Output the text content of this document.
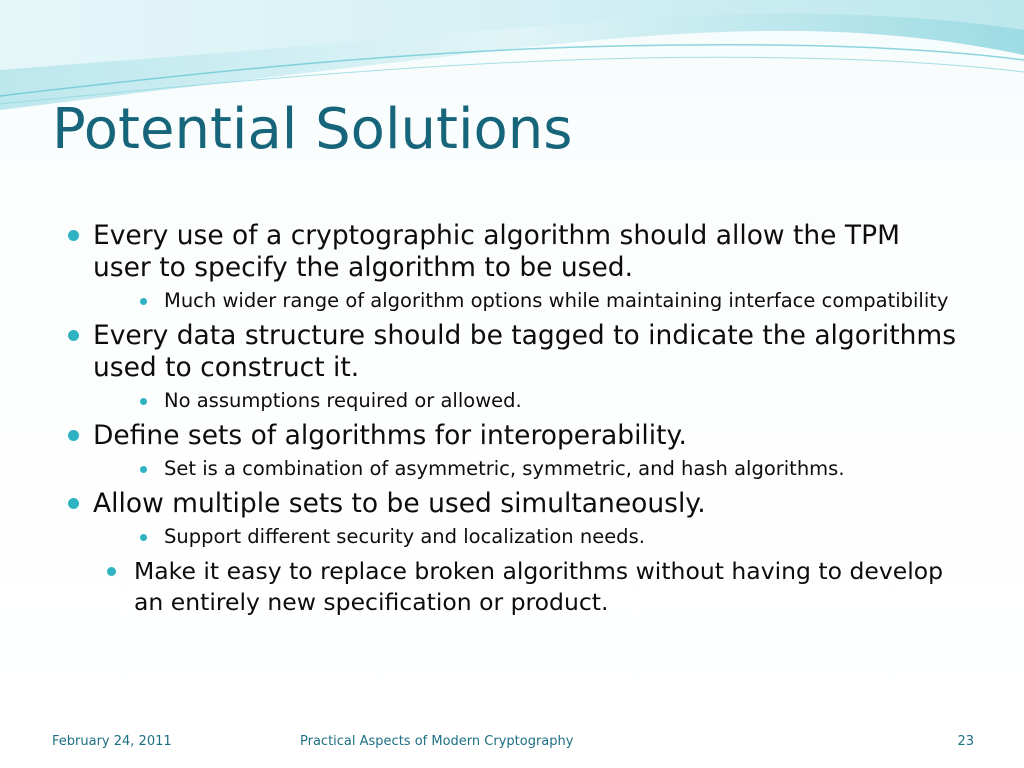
Potential Solutions
Every use of a cryptographic algorithm should allow the TPM user to specify the algorithm to be used.
Much wider range of algorithm options while maintaining interface compatibility
Every data structure should be tagged to indicate the algorithms used to construct it.
No assumptions required or allowed.
Define sets of algorithms for interoperability.
Set is a combination of asymmetric, symmetric, and hash algorithms.
Allow multiple sets to be used simultaneously.
Support different security and localization needs.
Make it easy to replace broken algorithms without having to develop an entirely new specification or product.
February 24, 2011	Practical Aspects of Modern Cryptography	23
